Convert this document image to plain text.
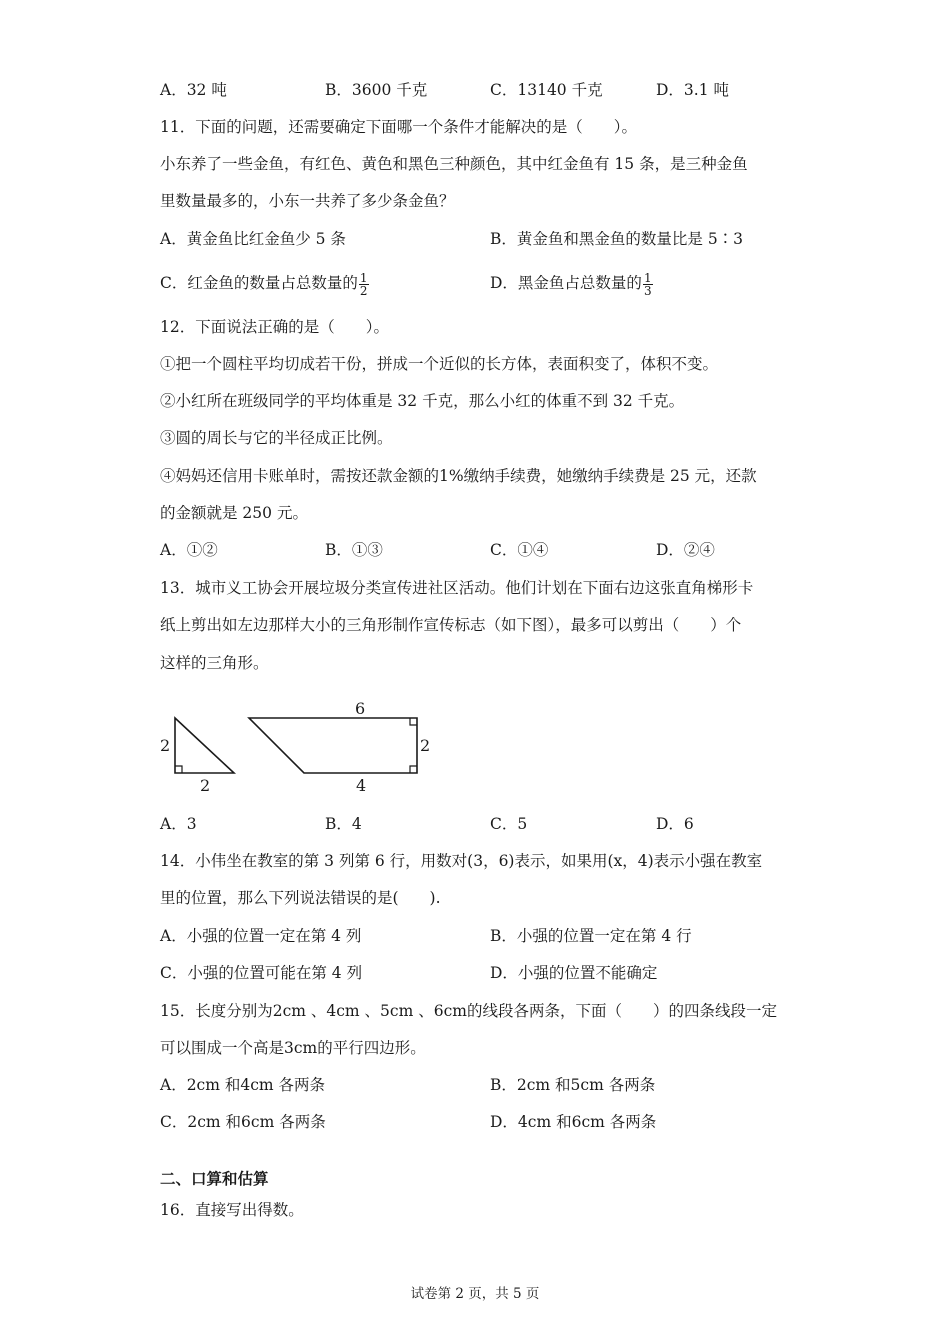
A．32 吨	B．3600 千克	C．13140 千克	D．3.1 吨
11．下面的问题，还需要确定下面哪一个条件才能解决的是（　　）。
小东养了一些金鱼，有红色、黄色和黑色三种颜色，其中红金鱼有 15 条，是三种金鱼
里数量最多的，小东一共养了多少条金鱼？
A．黄金鱼比红金鱼少 5 条	B．黄金鱼和黑金鱼的数量比是 5∶3
C．红金鱼的数量占总数量的 $\frac{1}{2}$	D．黑金鱼占总数量的 $\frac{1}{3}$
12．下面说法正确的是（　　）。
①把一个圆柱平均切成若干份，拼成一个近似的长方体，表面积变了，体积不变。
②小红所在班级同学的平均体重是 32 千克，那么小红的体重不到 32 千克。
③圆的周长与它的半径成正比例。
④妈妈还信用卡账单时，需按还款金额的1%缴纳手续费，她缴纳手续费是 25 元，还款
的金额就是 250 元。
A．①②	B．①③	C．①④	D．②④
13．城市义工协会开展垃圾分类宣传进社区活动。他们计划在下面右边这张直角梯形卡
纸上剪出如左边那样大小的三角形制作宣传标志（如下图），最多可以剪出（　　）个
这样的三角形。
2
2
6
2
4
A．3	B．4	C．5	D．6
14．小伟坐在教室的第 3 列第 6 行，用数对(3，6)表示，如果用(x，4)表示小强在教室
里的位置，那么下列说法错误的是(　　).
A．小强的位置一定在第 4 列	B．小强的位置一定在第 4 行
C．小强的位置可能在第 4 列	D．小强的位置不能确定
15．长度分别为2cm 、4cm 、5cm 、6cm的线段各两条，下面（　　）的四条线段一定
可以围成一个高是3cm的平行四边形。
A．2cm 和4cm 各两条	B．2cm 和5cm 各两条
C．2cm 和6cm 各两条	D．4cm 和6cm 各两条
二、口算和估算
16．直接写出得数。
试卷第 2 页，共 5 页
